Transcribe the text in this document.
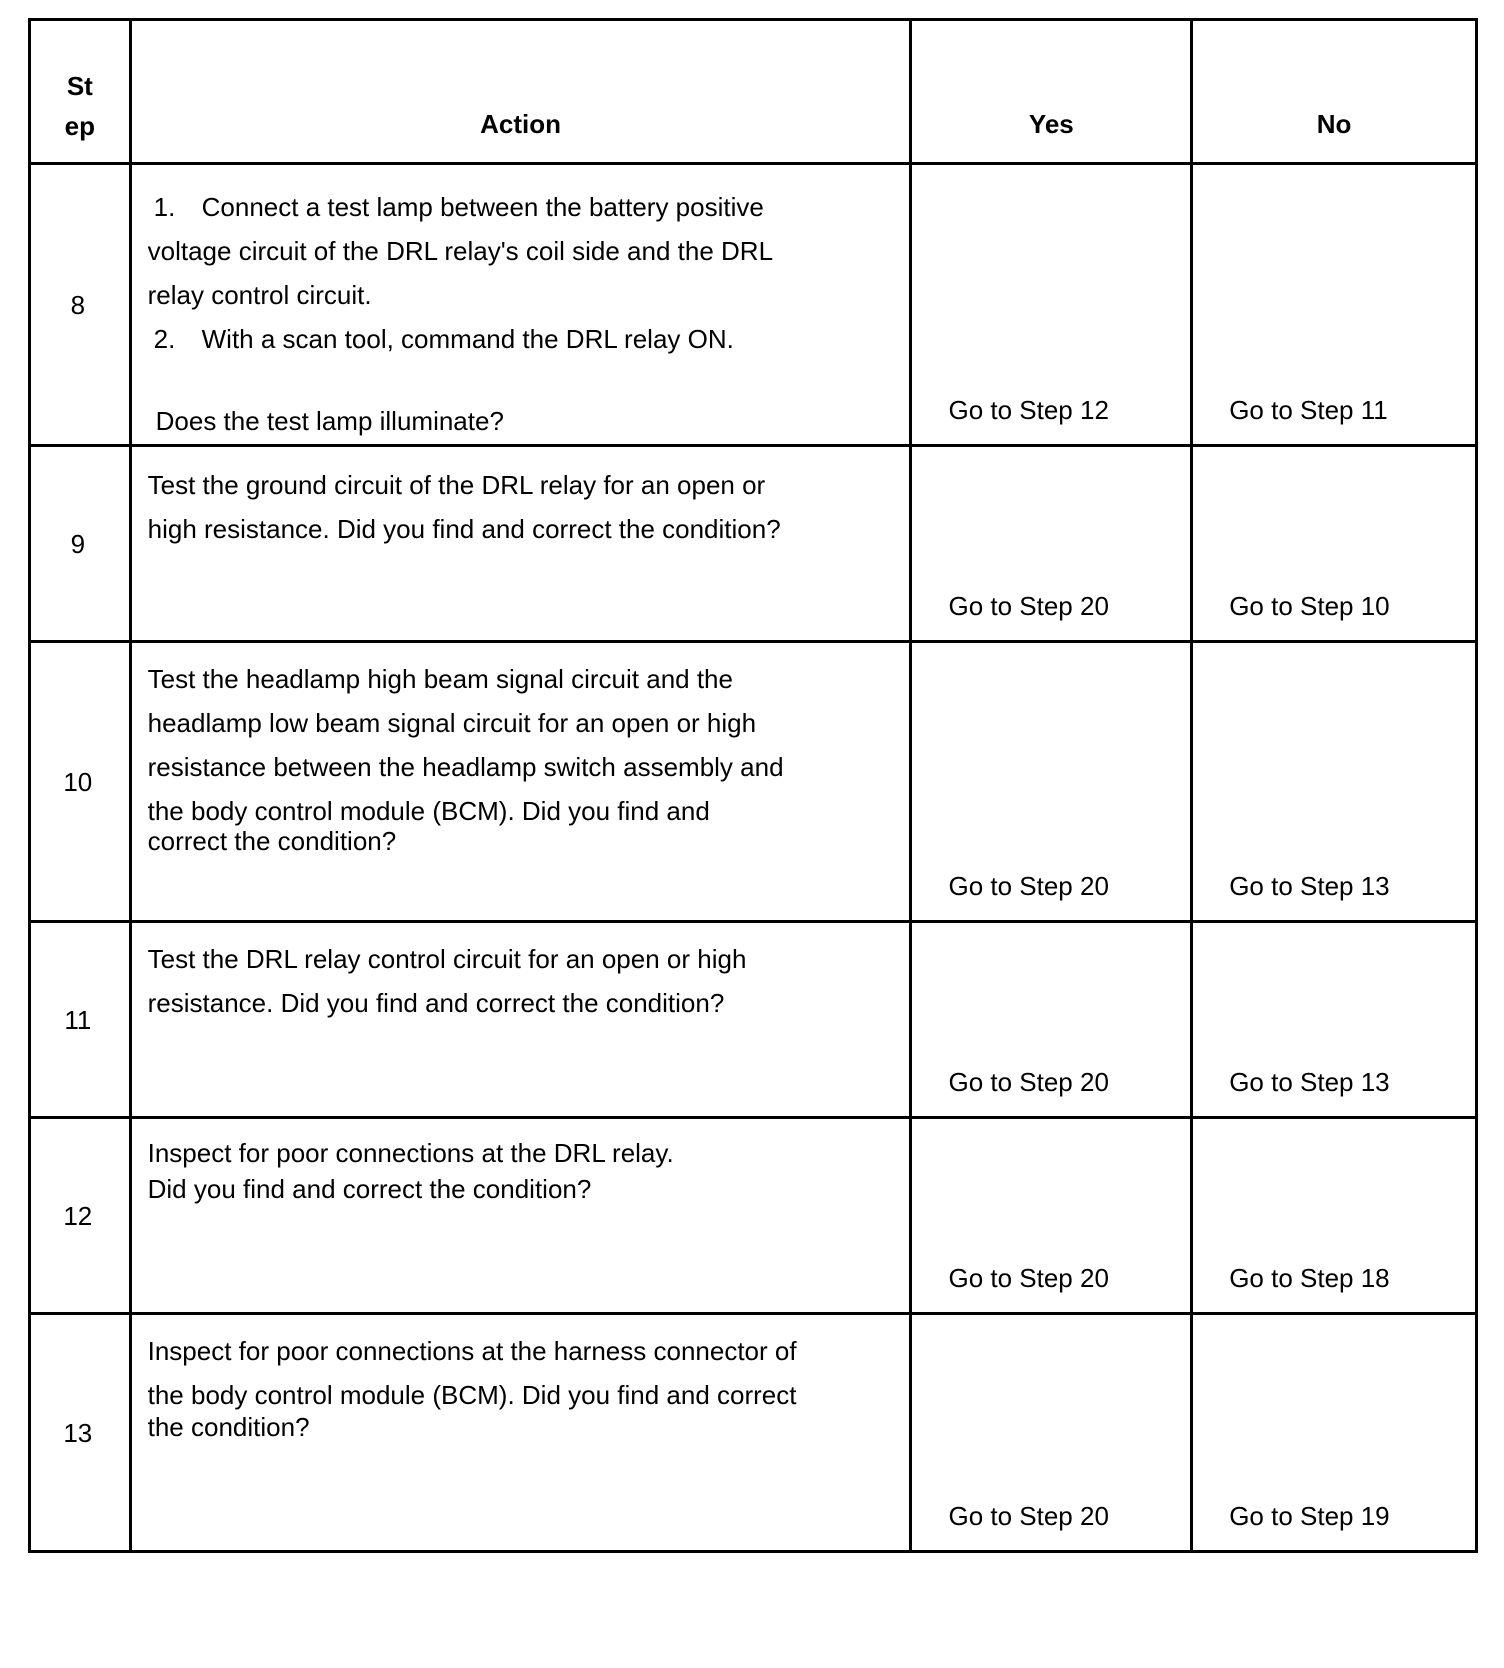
St
ep	Action	Yes	No
8	1. Connect a test lamp between the battery positive
voltage circuit of the DRL relay's coil side and the DRL
relay control circuit.
2. With a scan tool, command the DRL relay ON.
Does the test lamp illuminate?	Go to Step 12	Go to Step 11
9	Test the ground circuit of the DRL relay for an open or
high resistance. Did you find and correct the condition?	Go to Step 20	Go to Step 10
10	Test the headlamp high beam signal circuit and the
headlamp low beam signal circuit for an open or high
resistance between the headlamp switch assembly and
the body control module (BCM). Did you find and
correct the condition?	Go to Step 20	Go to Step 13
11	Test the DRL relay control circuit for an open or high
resistance. Did you find and correct the condition?	Go to Step 20	Go to Step 13
12	Inspect for poor connections at the DRL relay.
Did you find and correct the condition?	Go to Step 20	Go to Step 18
13	Inspect for poor connections at the harness connector of
the body control module (BCM). Did you find and correct
the condition?	Go to Step 20	Go to Step 19
